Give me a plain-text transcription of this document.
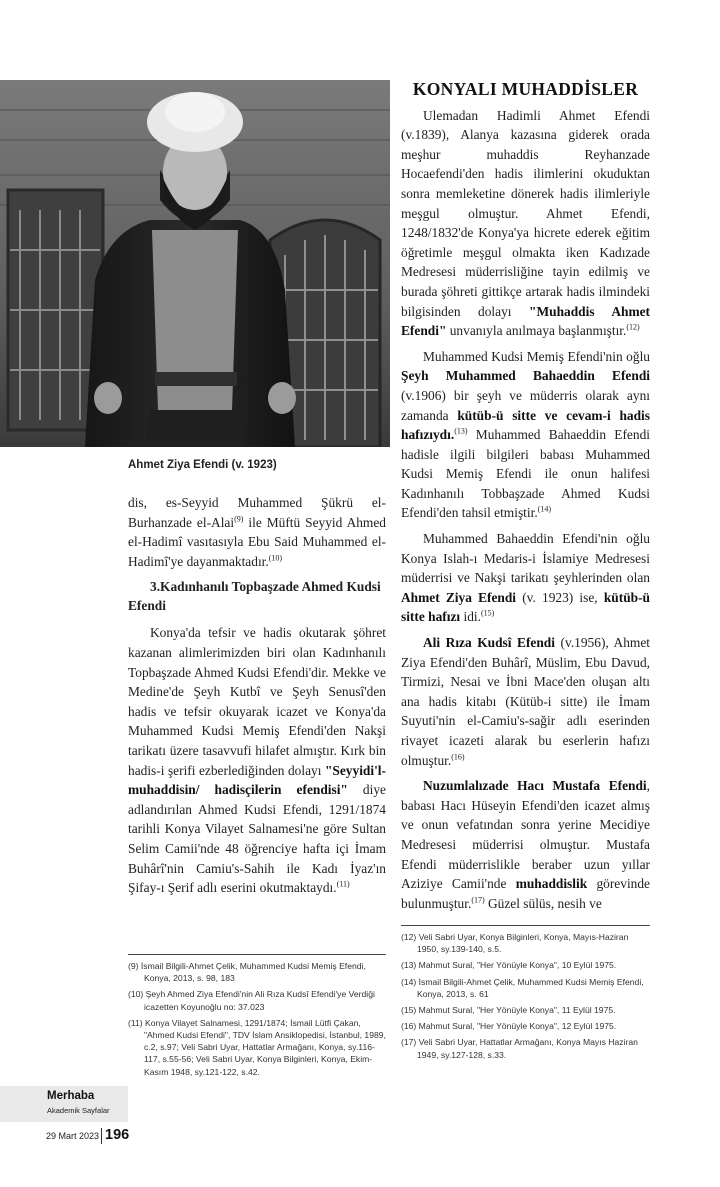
Ahmet Ziya Efendi (v. 1923)

dis, es-Seyyid Muhammed Şükrü el-Burhanzade el-Alai$^{(9)}$ ile Müftü Seyyid Ahmed el-Hadimî vasıtasıyla Ebu Said Muhammed el-Hadimî'ye dayanmaktadır.$^{(10)}$

3.Kadınhanılı Topbaşzade Ahmed Kudsi Efendi

Konya'da tefsir ve hadis okutarak şöhret kazanan alimlerimizden biri olan Kadınhanılı Topbaşzade Ahmed Kudsi Efendi'dir. Mekke ve Medine'de Şeyh Kutbî ve Şeyh Senusî'den hadis ve tefsir okuyarak icazet ve Konya'da Muhammed Kudsi Memiş Efendi'den Nakşi tarikatı üzere tasavvufi hilafet almıştır. Kırk bin hadis-i şerifi ezberlediğinden dolayı "Seyyidi'l-muhaddisin/ hadisçilerin efendisi" diye adlandırılan Ahmed Kudsi Efendi, 1291/1874 tarihli Konya Vilayet Salnamesi'ne göre Sultan Selim Camii'nde 48 öğrenciye hafta içi İmam Buhârî'nin Camiu's-Sahih ile Kadı İyaz'ın Şifay-ı Şerif adlı eserini okutmaktaydı.$^{(11)}$

KONYALI MUHADDİSLER

Ulemadan Hadimli Ahmet Efendi (v.1839), Alanya kazasına giderek orada meşhur muhaddis Reyhanzade Hocaefendi'den hadis ilimlerini okuduktan sonra memleketine dönerek hadis ilimleriyle meşgul olmuştur. Ahmet Efendi, 1248/1832'de Konya'ya hicrete ederek eğitim öğretimle meşgul olmakta iken Kadızade Medresesi müderrisliğine tayin edilmiş ve burada şöhreti gittikçe artarak hadis ilmindeki bilgisinden dolayı "Muhaddis Ahmet Efendi" unvanıyla anılmaya başlanmıştır.$^{(12)}$

Muhammed Kudsi Memiş Efendi'nin oğlu Şeyh Muhammed Bahaeddin Efendi (v.1906) bir şeyh ve müderris olarak aynı zamanda kütüb-ü sitte ve cevam-i hadis hafızıydı.$^{(13)}$ Muhammed Bahaeddin Efendi hadisle ilgili bilgileri babası Muhammed Kudsi Memiş Efendi ile onun halifesi Kadınhanılı Tobbaşzade Ahmed Kudsi Efendi'den tahsil etmiştir.$^{(14)}$

Muhammed Bahaeddin Efendi'nin oğlu Konya Islah-ı Medaris-i İslamiye Medresesi müderrisi ve Nakşi tarikatı şeyhlerinden olan Ahmet Ziya Efendi (v. 1923) ise, kütüb-ü sitte hafızı idi.$^{(15)}$

Ali Rıza Kudsî Efendi (v.1956), Ahmet Ziya Efendi'den Buhârî, Müslim, Ebu Davud, Tirmizi, Nesai ve İbni Mace'den oluşan altı ana hadis kitabı (Kütüb-i sitte) ile İmam Suyuti'nin el-Camiu's-sağir adlı eserinden rivayet icazeti alarak bu eserlerin hafızı olmuştur.$^{(16)}$

Nuzumlalızade Hacı Mustafa Efendi, babası Hacı Hüseyin Efendi'den icazet almış ve onun vefatından sonra yerine Mecidiye Medresesi müderrisi olmuştur. Mustafa Efendi müderrislikle beraber uzun yıllar Aziziye Camii'nde muhaddislik görevinde bulunmuştur.$^{(17)}$ Güzel sülüs, nesih ve

(9) İsmail Bilgili-Ahmet Çelik, Muhammed Kudsi Memiş Efendi, Konya, 2013, s. 98, 183
(10) Şeyh Ahmed Ziya Efendi'nin Ali Rıza Kudsî Efendi'ye Verdiği icazetten Koyunoğlu no: 37.023
(11) Konya Vilayet Salnamesi, 1291/1874; İsmail Lütfi Çakan, "Ahmed Kudsi Efendi", TDV İslam Ansiklopedisi, İstanbul, 1989, c.2, s.97; Veli Sabri Uyar, Hattatlar Armağanı, Konya, sy.116-117, s.55-56; Veli Sabri Uyar, Konya Bilginleri, Konya, Ekim-Kasım 1948, sy.121-122, s.42.
(12) Veli Sabri Uyar, Konya Bilginleri, Konya, Mayıs-Haziran 1950, sy.139-140, s.5.
(13) Mahmut Sural, "Her Yönüyle Konya", 10 Eylül 1975.
(14) İsmail Bilgili-Ahmet Çelik, Muhammed Kudsi Memiş Efendi, Konya, 2013, s. 61
(15) Mahmut Sural, "Her Yönüyle Konya", 11 Eylül 1975.
(16) Mahmut Sural, "Her Yönüyle Konya", 12 Eylül 1975.
(17) Veli Sabri Uyar, Hattatlar Armağanı, Konya Mayıs Haziran 1949, sy.127-128, s.33.
Merhaba
Akademik Sayfalar
29 Mart 2023 196
